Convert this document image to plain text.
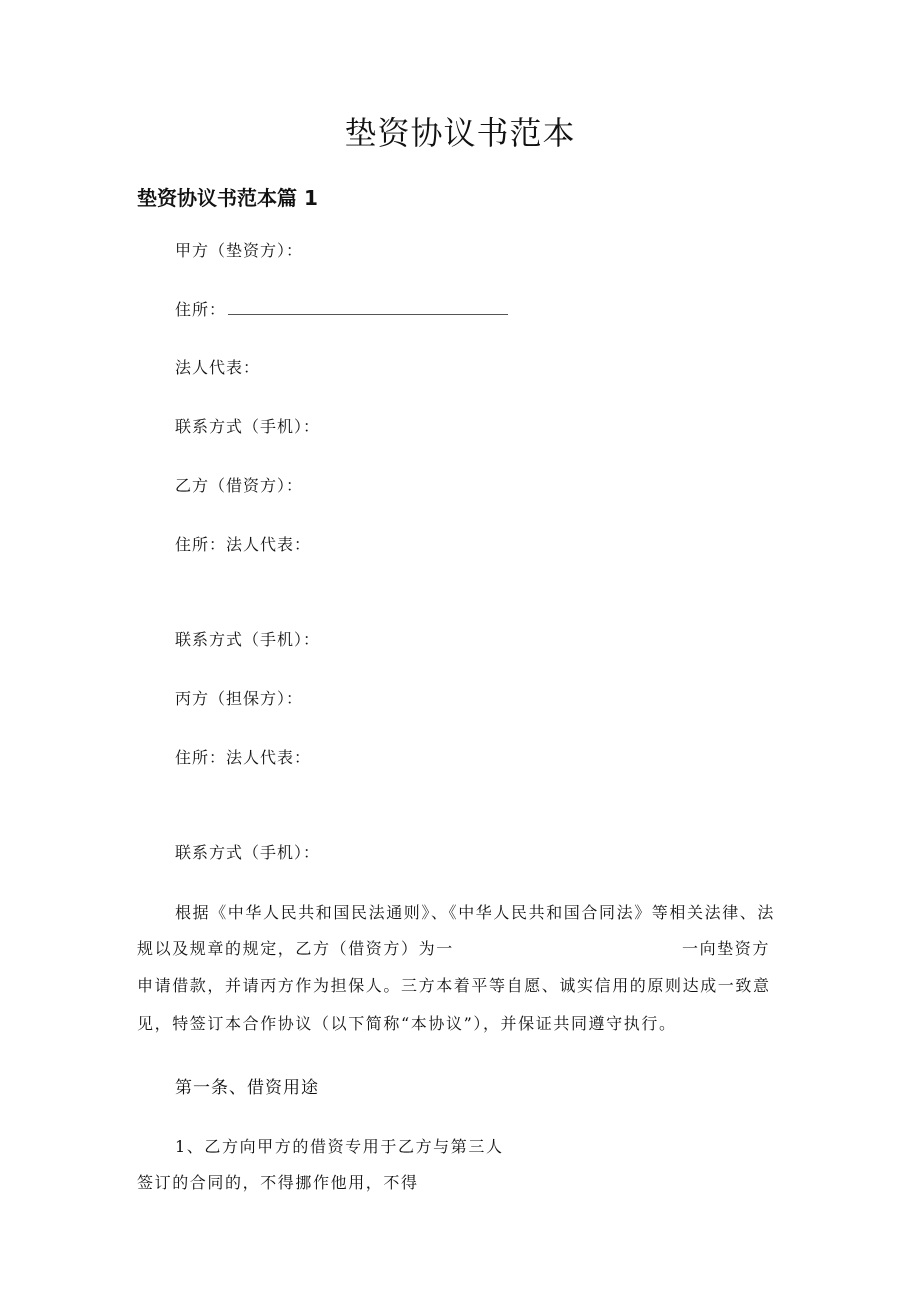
垫资协议书范本
垫资协议书范本篇 1
甲方（垫资方）：
住所：
法人代表：
联系方式（手机）：
乙方（借资方）：
住所：法人代表：
联系方式（手机）：
丙方（担保方）：
住所：法人代表：
联系方式（手机）：
根据《中华人民共和国民法通则》、《中华人民共和国合同法》等相关法律、法
规以及规章的规定，乙方（借资方）为一	一向垫资方
申请借款，并请丙方作为担保人。三方本着平等自愿、诚实信用的原则达成一致意
见，特签订本合作协议（以下简称“本协议”），并保证共同遵守执行。
第一条、借资用途
1、乙方向甲方的借资专用于乙方与第三人
签订的合同的，不得挪作他用，不得
